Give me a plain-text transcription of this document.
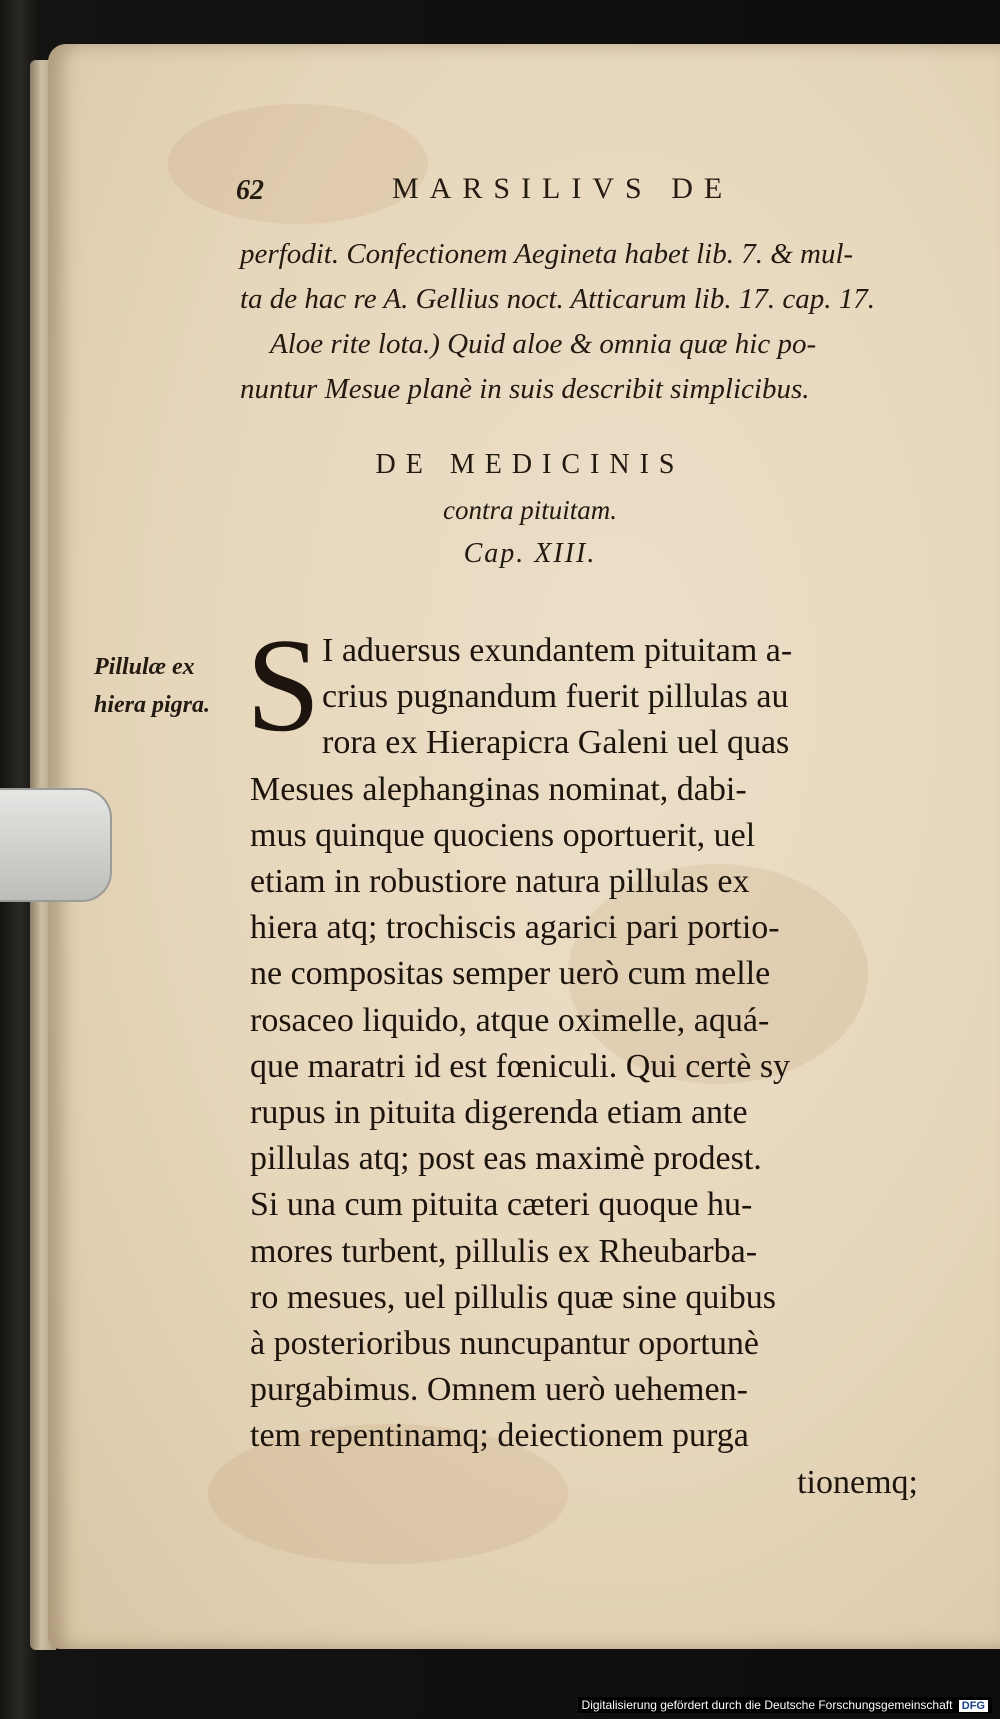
62	MARSILIVS DE
perfodit. Confectionem Aegineta habet lib. 7. & mul-
ta de hac re A. Gellius noct. Atticarum lib. 17. cap. 17.
Aloe rite lota.) Quid aloe & omnia quæ hic po-
nuntur Mesue planè in suis describit simplicibus.
DE MEDICINIS
contra pituitam.
Cap. XIII.
Pillulæ ex
hiera pigra. S I aduersus exundantem pituitam a-
crius pugnandum fuerit pillulas au
rora ex Hierapicra Galeni uel quas
Mesues alephanginas nominat, dabi-
mus quinque quociens oportuerit, uel
etiam in robustiore natura pillulas ex
hiera atq; trochiscis agarici pari portio-
ne compositas semper uerò cum melle
rosaceo liquido, atque oximelle, aquá-
que maratri id est fœniculi. Qui certè sy
rupus in pituita digerenda etiam ante
pillulas atq; post eas maximè prodest.
Si una cum pituita cæteri quoque hu-
mores turbent, pillulis ex Rheubarba-
ro mesues, uel pillulis quæ sine quibus
à posterioribus nuncupantur oportunè
purgabimus. Omnem uerò uehemen-
tem repentinamq; deiectionem purga
tionemq;
Digitalisierung gefördert durch die Deutsche Forschungsgemeinschaft DFG
